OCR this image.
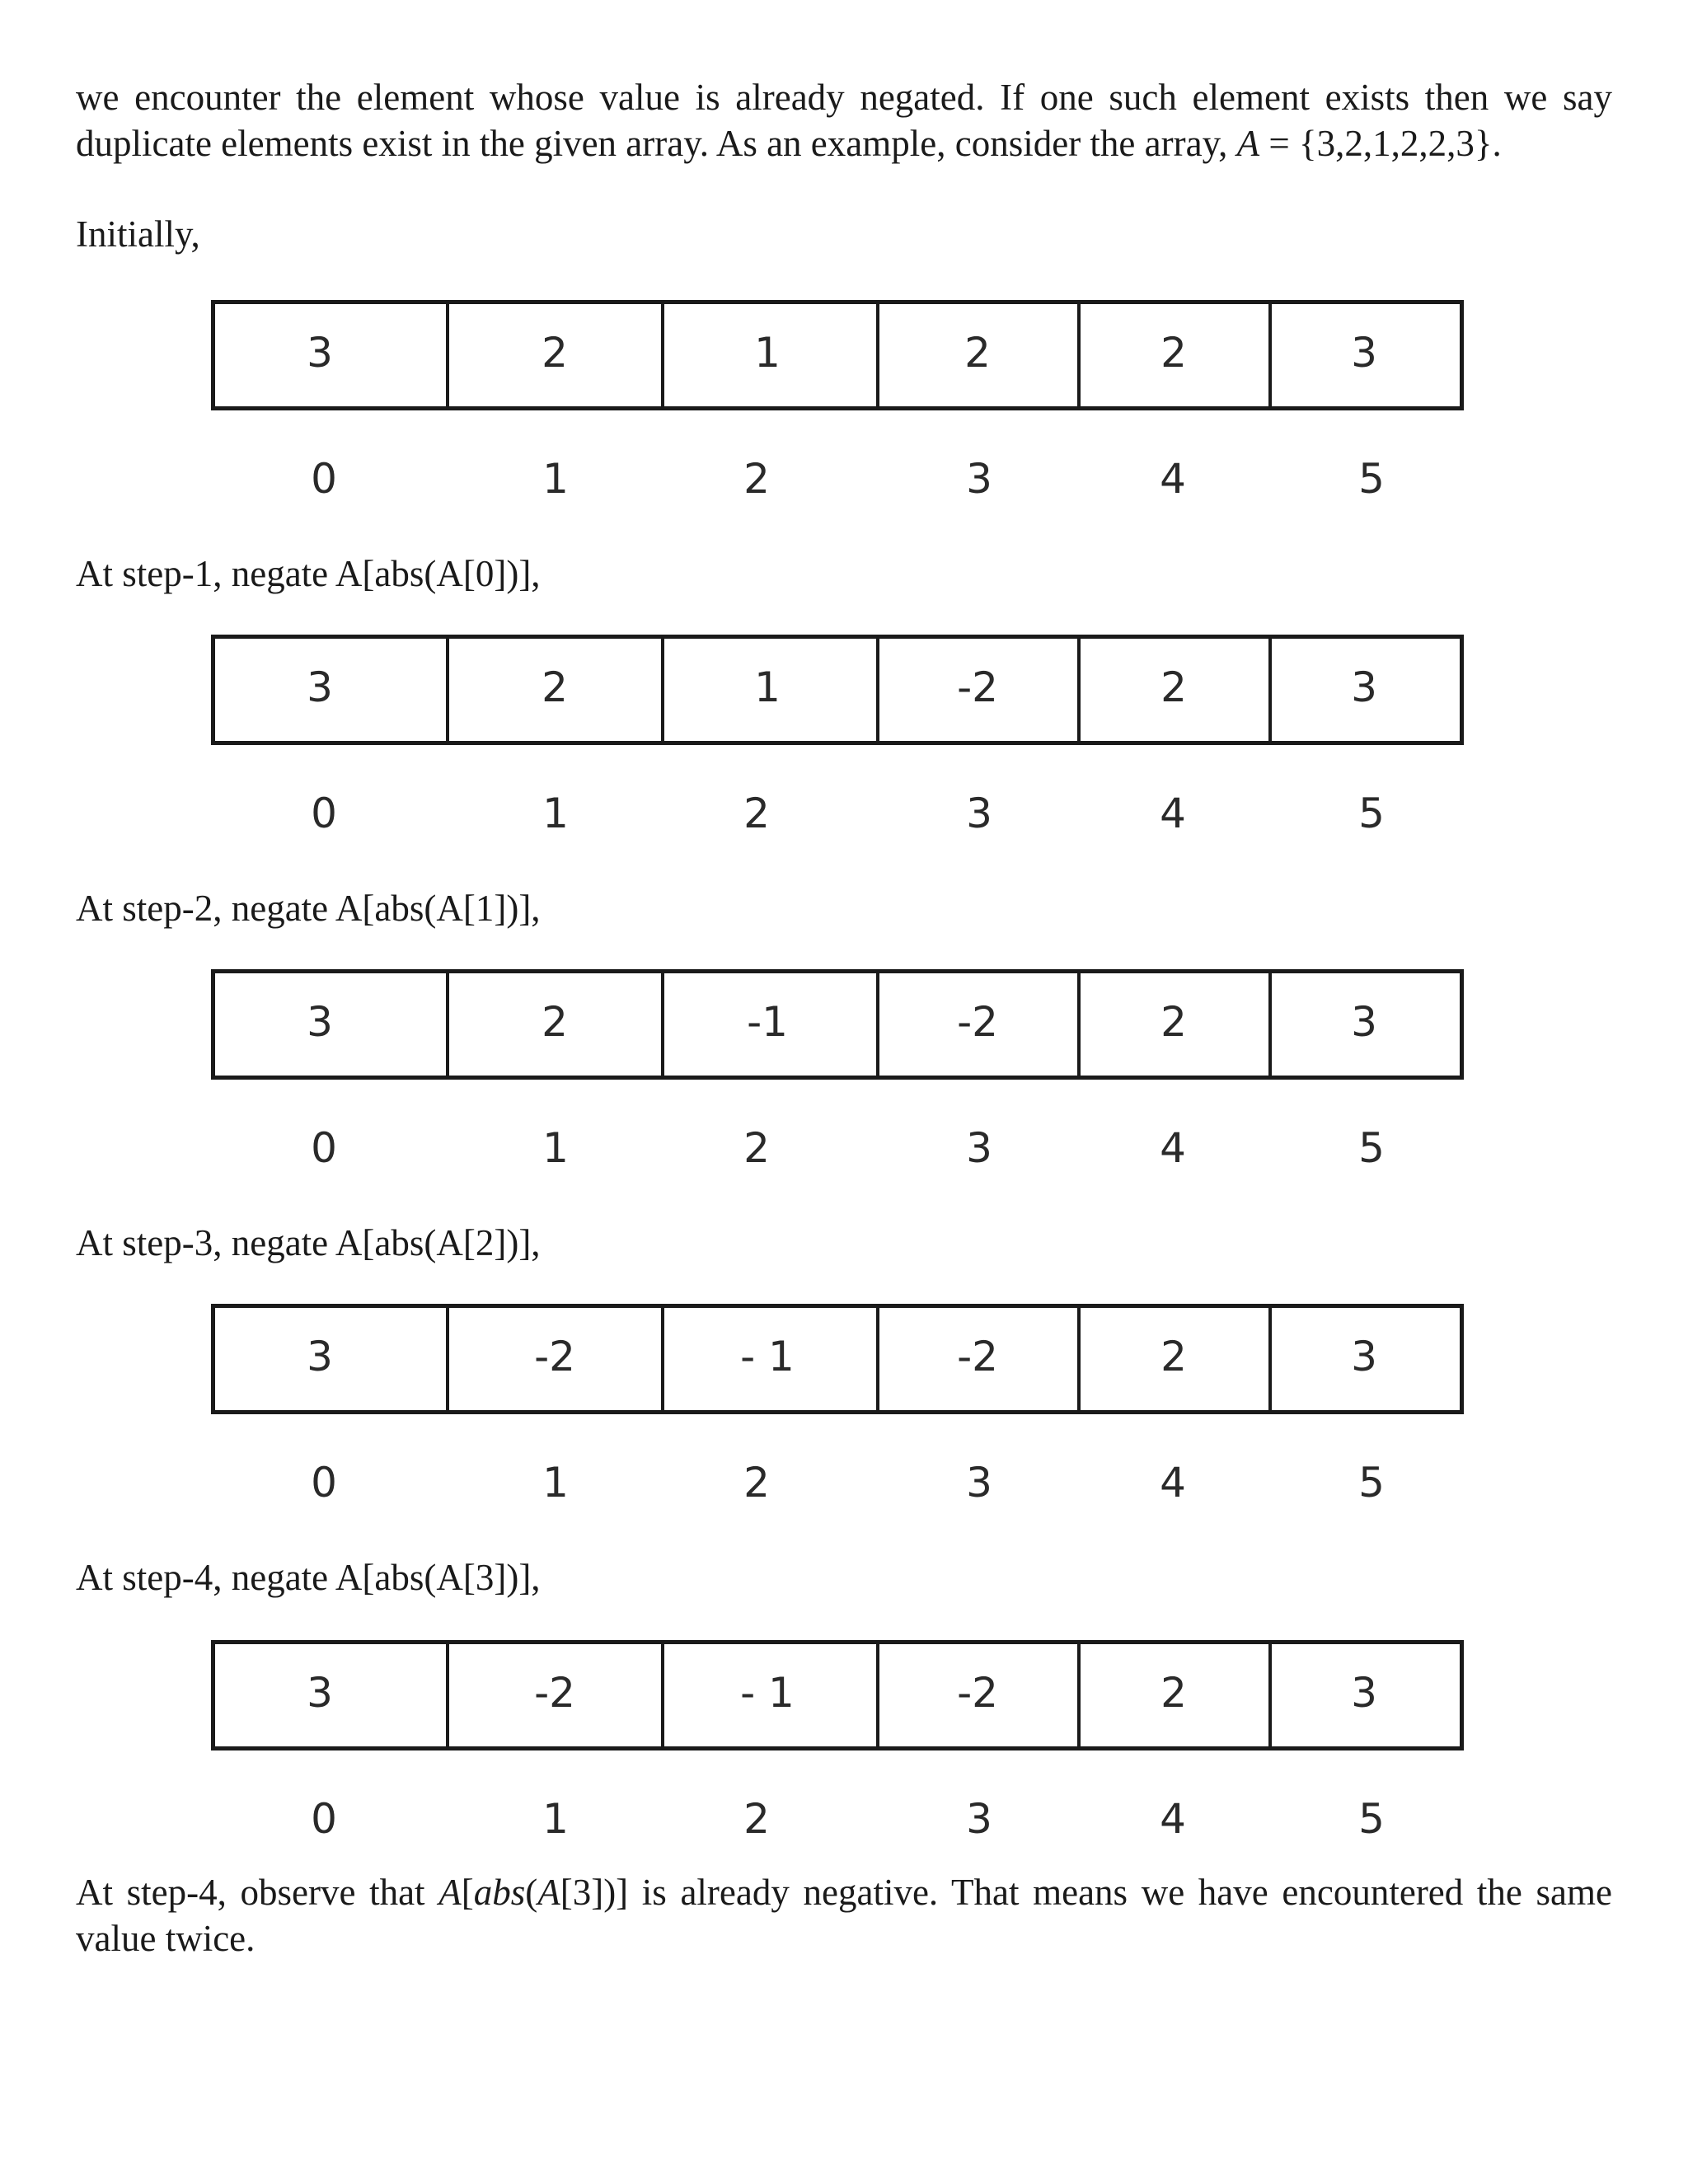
we encounter the element whose value is already negated. If one such element exists then we say
duplicate elements exist in the given array. As an example, consider the array, A = {3,2,1,2,2,3}.
Initially,
3	2	1	2	2	3
0	1	2	3	4	5
At step-1, negate A[abs(A[0])],
3	2	1	-2	2	3
0	1	2	3	4	5
At step-2, negate A[abs(A[1])],
3	2	-1	-2	2	3
0	1	2	3	4	5
At step-3, negate A[abs(A[2])],
3	-2	- 1	-2	2	3
0	1	2	3	4	5
At step-4, negate A[abs(A[3])],
3	-2	- 1	-2	2	3
0	1	2	3	4	5
At step-4, observe that A[abs(A[3])] is already negative. That means we have encountered the same value twice.
